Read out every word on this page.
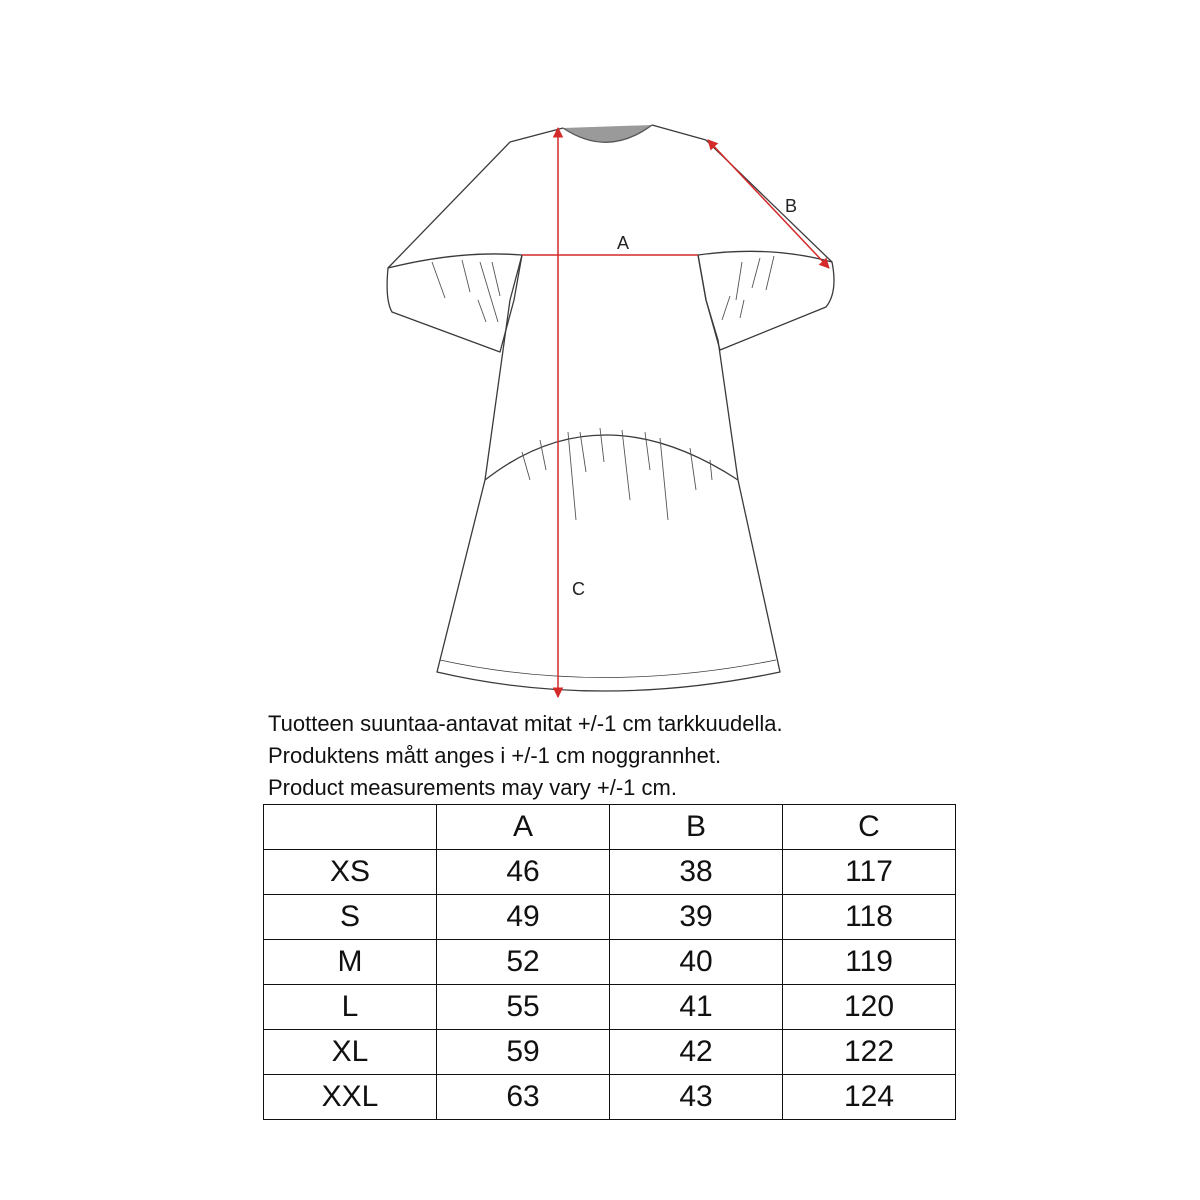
A
B
C
Tuotteen suuntaa-antavat mitat +/-1 cm tarkkuudella.
Produktens mått anges i +/-1 cm noggrannhet.
Product measurements may vary +/-1 cm.
	A	B	C
XS	46	38	117
S	49	39	118
M	52	40	119
L	55	41	120
XL	59	42	122
XXL	63	43	124
